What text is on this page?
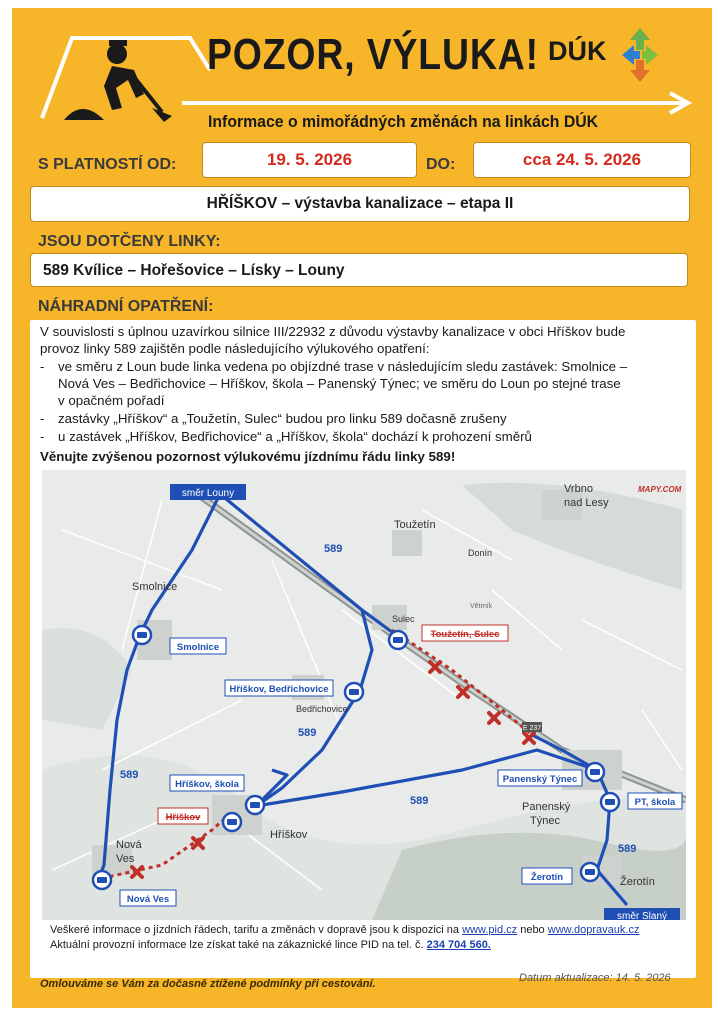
POZOR, VÝLUKA! DÚK
Informace o mimořádných změnách na linkách DÚK
S PLATNOSTÍ OD:	19. 5. 2026	DO:	cca 24. 5. 2026
HŘÍŠKOV – výstavba kanalizace – etapa II
JSOU DOTČENY LINKY:
589 Kvílice – Hořešovice – Lísky – Louny
NÁHRADNÍ OPATŘENÍ:
V souvislosti s úplnou uzavírkou silnice III/22932 z důvodu výstavby kanalizace v obci Hříškov bude
provoz linky 589 zajištěn podle následujícího výlukového opatření:
- ve směru z Loun bude linka vedena po objízdné trase v následujícím sledu zastávek: Smolnice –
Nová Ves – Bedřichovice – Hříškov, škola – Panenský Týnec; ve směru do Loun po stejné trase
v opačném pořadí
- zastávky „Hříškov“ a „Toužetín, Sulec“ budou pro linku 589 dočasně zrušeny
- u zastávek „Hříškov, Bedřichovice“ a „Hříškov, škola“ dochází k prohození směrů
Věnujte zvýšenou pozornost výlukovému jízdnímu řádu linky 589!
Veškeré informace o jízdních řádech, tarifu a změnách v dopravě jsou k dispozici na www.pid.cz nebo www.dopravauk.cz
Aktuální provozní informace lze získat také na zákaznické lince PID na tel. č. 234 704 560.
směr Louny
směr Slaný
Smolnice
Hříškov, Bedřichovice
Hříškov, škola
Hříškov
Nová Ves
Toužetín, Sulec
Panenský Týnec
PT, škola
Žerotín
589
589
589
589
589
Vrbno
nad Lesy
Toužetín
Donín
Sulec
Větrník
Smolnice
Bedřichovice
Hříškov
Nová
Ves
Panenský
Týnec
Žerotín
E 237
MAPY.COM
Omlouváme se Vám za dočasně ztížené podmínky při cestování.	Datum aktualizace: 14. 5. 2026
